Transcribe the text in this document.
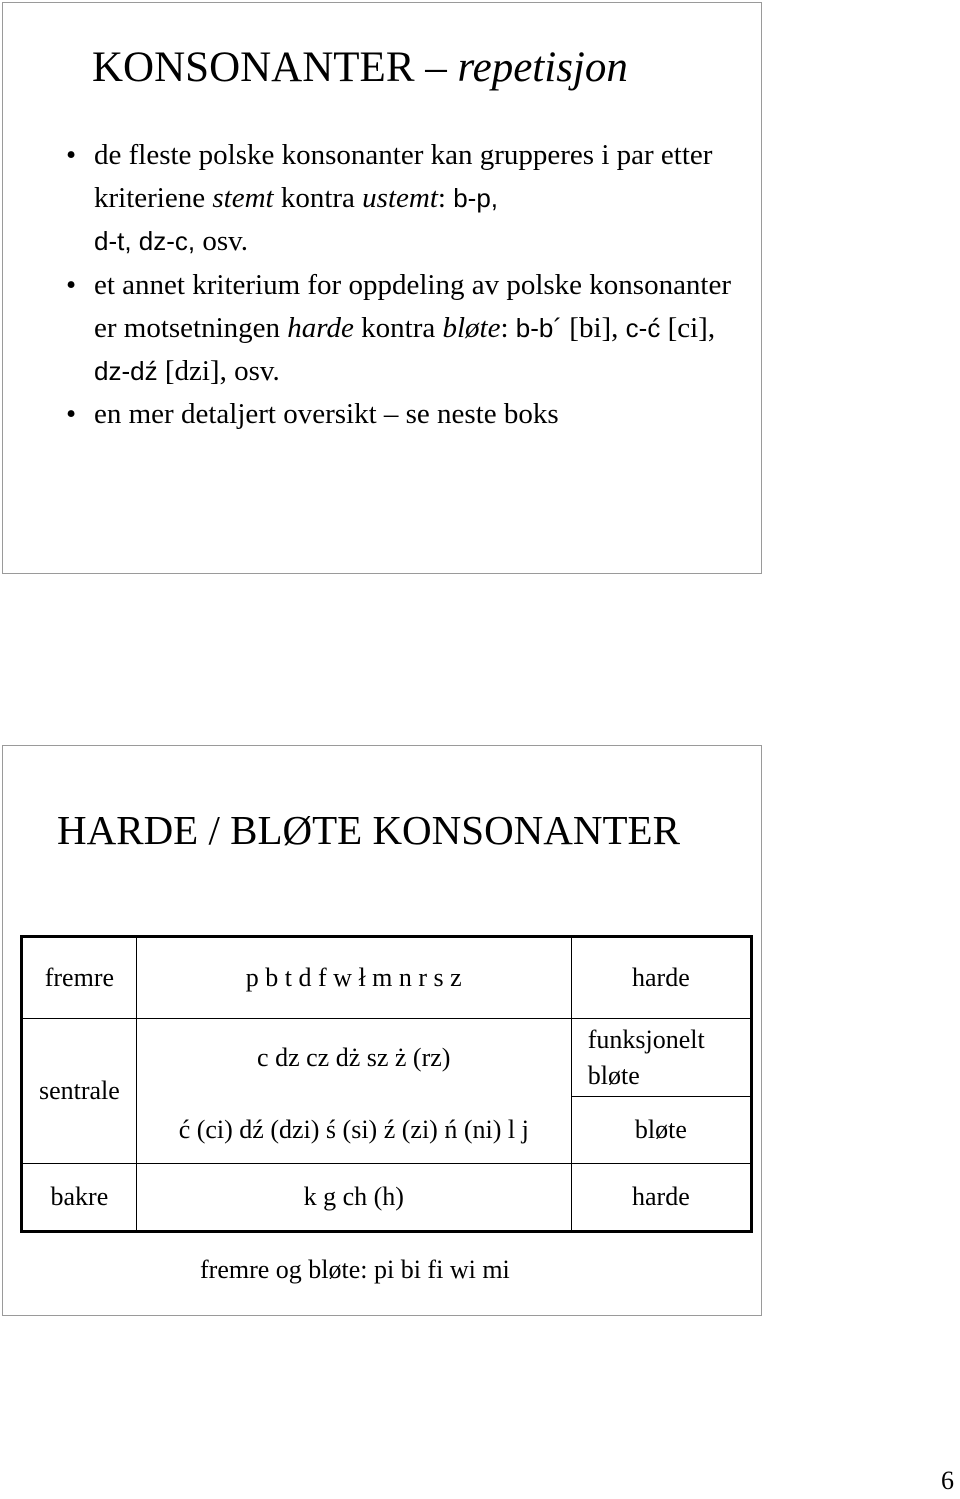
KONSONANTER – repetisjon
• de fleste polske konsonanter kan grupperes i par etter kriteriene stemt kontra ustemt: b-p,
d-t, dz-c, osv.
• et annet kriterium for oppdeling av polske konsonanter er motsetningen harde kontra bløte: b-b´ [bi], c-ć [ci], dz-dź [dzi], osv.
• en mer detaljert oversikt – se neste boks
HARDE / BLØTE KONSONANTER
fremre	p b t d f w ł m n r s z	harde
sentrale	c dz cz dż sz ż (rz)	funksjonelt bløte
	ć (ci) dź (dzi) ś (si) ź (zi) ń (ni) l j	bløte
bakre	k g ch (h)	harde
fremre og bløte: pi bi fi wi mi
6
